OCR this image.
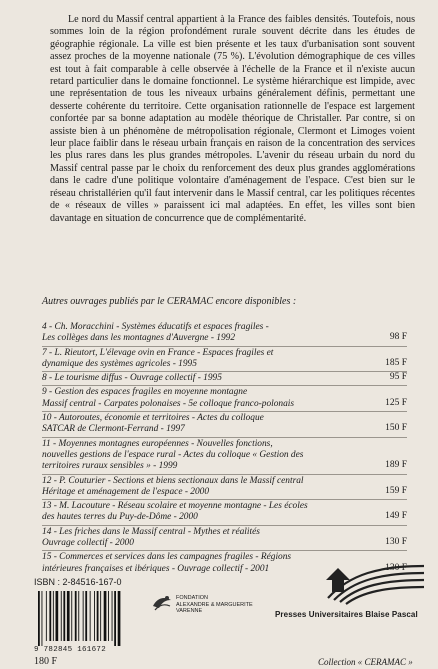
Le nord du Massif central appartient à la France des faibles densités. Toutefois, nous sommes loin de la région profondément rurale souvent décrite dans les études de géographie régionale. La ville est bien présente et les taux d'urbanisation sont souvent assez proches de la moyenne nationale (75 %). L'évolution démographique de ces villes est tout à fait comparable à celle observée à l'échelle de la France et il n'existe aucun retard particulier dans le domaine fonctionnel. Le système hiérarchique est limpide, avec une représentation de tous les niveaux urbains généralement définis, permettant une desserte cohérente du territoire. Cette organisation rationnelle de l'espace est largement confortée par sa bonne adaptation au modèle théorique de Christaller. Par contre, si on assiste bien à un phénomène de métropolisation régionale, Clermont et Limoges voient leur place faiblir dans le réseau urbain français en raison de la concentration des services les plus rares dans les plus grandes métropoles. L'avenir du réseau urbain du nord du Massif central passe par le choix du renforcement des deux plus grandes agglomérations dans le cadre d'une politique volontaire d'aménagement de l'espace. C'est bien sur le réseau christallérien qu'il faut intervenir dans le Massif central, car les politiques récentes de « réseaux de villes » paraissent ici mal adaptées. En effet, les villes sont bien davantage en situation de concurrence que de complémentarité.

Autres ouvrages publiés par le CERAMAC encore disponibles :
4 - Ch. Moracchini - Systèmes éducatifs et espaces fragiles -
Les collèges dans les montagnes d'Auvergne - 1992	98 F
7 - L. Rieutort, L'élevage ovin en France - Espaces fragiles et
dynamique des systèmes agricoles - 1995	185 F
8 - Le tourisme diffus - Ouvrage collectif - 1995	95 F
9 - Gestion des espaces fragiles en moyenne montagne
Massif central - Carpates polonaises - 5e colloque franco-polonais	125 F
10 - Autoroutes, économie et territoires - Actes du colloque
SATCAR de Clermont-Ferrand - 1997	150 F
11 - Moyennes montagnes européennes - Nouvelles fonctions,
nouvelles gestions de l'espace rural - Actes du colloque « Gestion des
territoires ruraux sensibles » - 1999	189 F
12 - P. Couturier - Sections et biens sectionaux dans le Massif central
Héritage et aménagement de l'espace - 2000	159 F
13 - M. Lacouture - Réseau scolaire et moyenne montagne - Les écoles
des hautes terres du Puy-de-Dôme - 2000	149 F
14 - Les friches dans le Massif central - Mythes et réalités
Ouvrage collectif - 2000	130 F
15 - Commerces et services dans les campagnes fragiles - Régions
intérieures françaises et ibériques - Ouvrage collectif - 2001	130 F
ISBN : 2-84516-167-0
9 782845 161672
180 F
FONDATION
ALEXANDRE & MARGUERITE
VARENNE	Presses Universitaires Blaise Pascal
Collection « CERAMAC »
